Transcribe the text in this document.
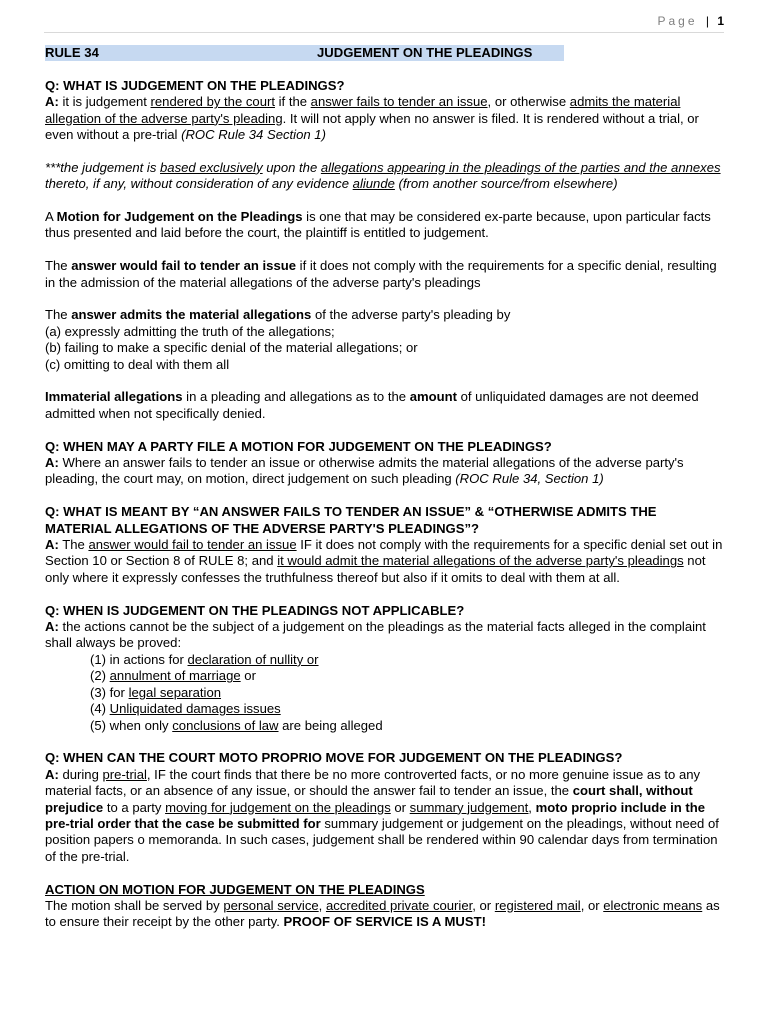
Page | 1
RULE 34	JUDGEMENT ON THE PLEADINGS

Q: WHAT IS JUDGEMENT ON THE PLEADINGS?

A: it is judgement rendered by the court if the answer fails to tender an issue, or otherwise admits the material allegation of the adverse party's pleading. It will not apply when no answer is filed. It is rendered without a trial, or even without a pre-trial (ROC Rule 34 Section 1)

***the judgement is based exclusively upon the allegations appearing in the pleadings of the parties and the annexes thereto, if any, without consideration of any evidence aliunde (from another source/from elsewhere)

A Motion for Judgement on the Pleadings is one that may be considered ex-parte because, upon particular facts thus presented and laid before the court, the plaintiff is entitled to judgement.

The answer would fail to tender an issue if it does not comply with the requirements for a specific denial, resulting in the admission of the material allegations of the adverse party's pleadings

The answer admits the material allegations of the adverse party's pleading by

(a) expressly admitting the truth of the allegations;

(b) failing to make a specific denial of the material allegations; or

(c) omitting to deal with them all

Immaterial allegations in a pleading and allegations as to the amount of unliquidated damages are not deemed admitted when not specifically denied.

Q: WHEN MAY A PARTY FILE A MOTION FOR JUDGEMENT ON THE PLEADINGS?

A: Where an answer fails to tender an issue or otherwise admits the material allegations of the adverse party's pleading, the court may, on motion, direct judgement on such pleading (ROC Rule 34, Section 1)

Q: WHAT IS MEANT BY “AN ANSWER FAILS TO TENDER AN ISSUE” & “OTHERWISE ADMITS THE MATERIAL ALLEGATIONS OF THE ADVERSE PARTY'S PLEADINGS”?

A: The answer would fail to tender an issue IF it does not comply with the requirements for a specific denial set out in Section 10 or Section 8 of RULE 8; and it would admit the material allegations of the adverse party's pleadings not only where it expressly confesses the truthfulness thereof but also if it omits to deal with them at all.

Q: WHEN IS JUDGEMENT ON THE PLEADINGS NOT APPLICABLE?

A: the actions cannot be the subject of a judgement on the pleadings as the material facts alleged in the complaint shall always be proved:

(1) in actions for declaration of nullity or

(2) annulment of marriage or

(3) for legal separation

(4) Unliquidated damages issues

(5) when only conclusions of law are being alleged

Q: WHEN CAN THE COURT MOTO PROPRIO MOVE FOR JUDGEMENT ON THE PLEADINGS?

A: during pre-trial, IF the court finds that there be no more controverted facts, or no more genuine issue as to any material facts, or an absence of any issue, or should the answer fail to tender an issue, the court shall, without prejudice to a party moving for judgement on the pleadings or summary judgement, moto proprio include in the pre-trial order that the case be submitted for summary judgement or judgement on the pleadings, without need of position papers o memoranda. In such cases, judgement shall be rendered within 90 calendar days from termination of the pre-trial.

ACTION ON MOTION FOR JUDGEMENT ON THE PLEADINGS

The motion shall be served by personal service, accredited private courier, or registered mail, or electronic means as to ensure their receipt by the other party. PROOF OF SERVICE IS A MUST!
